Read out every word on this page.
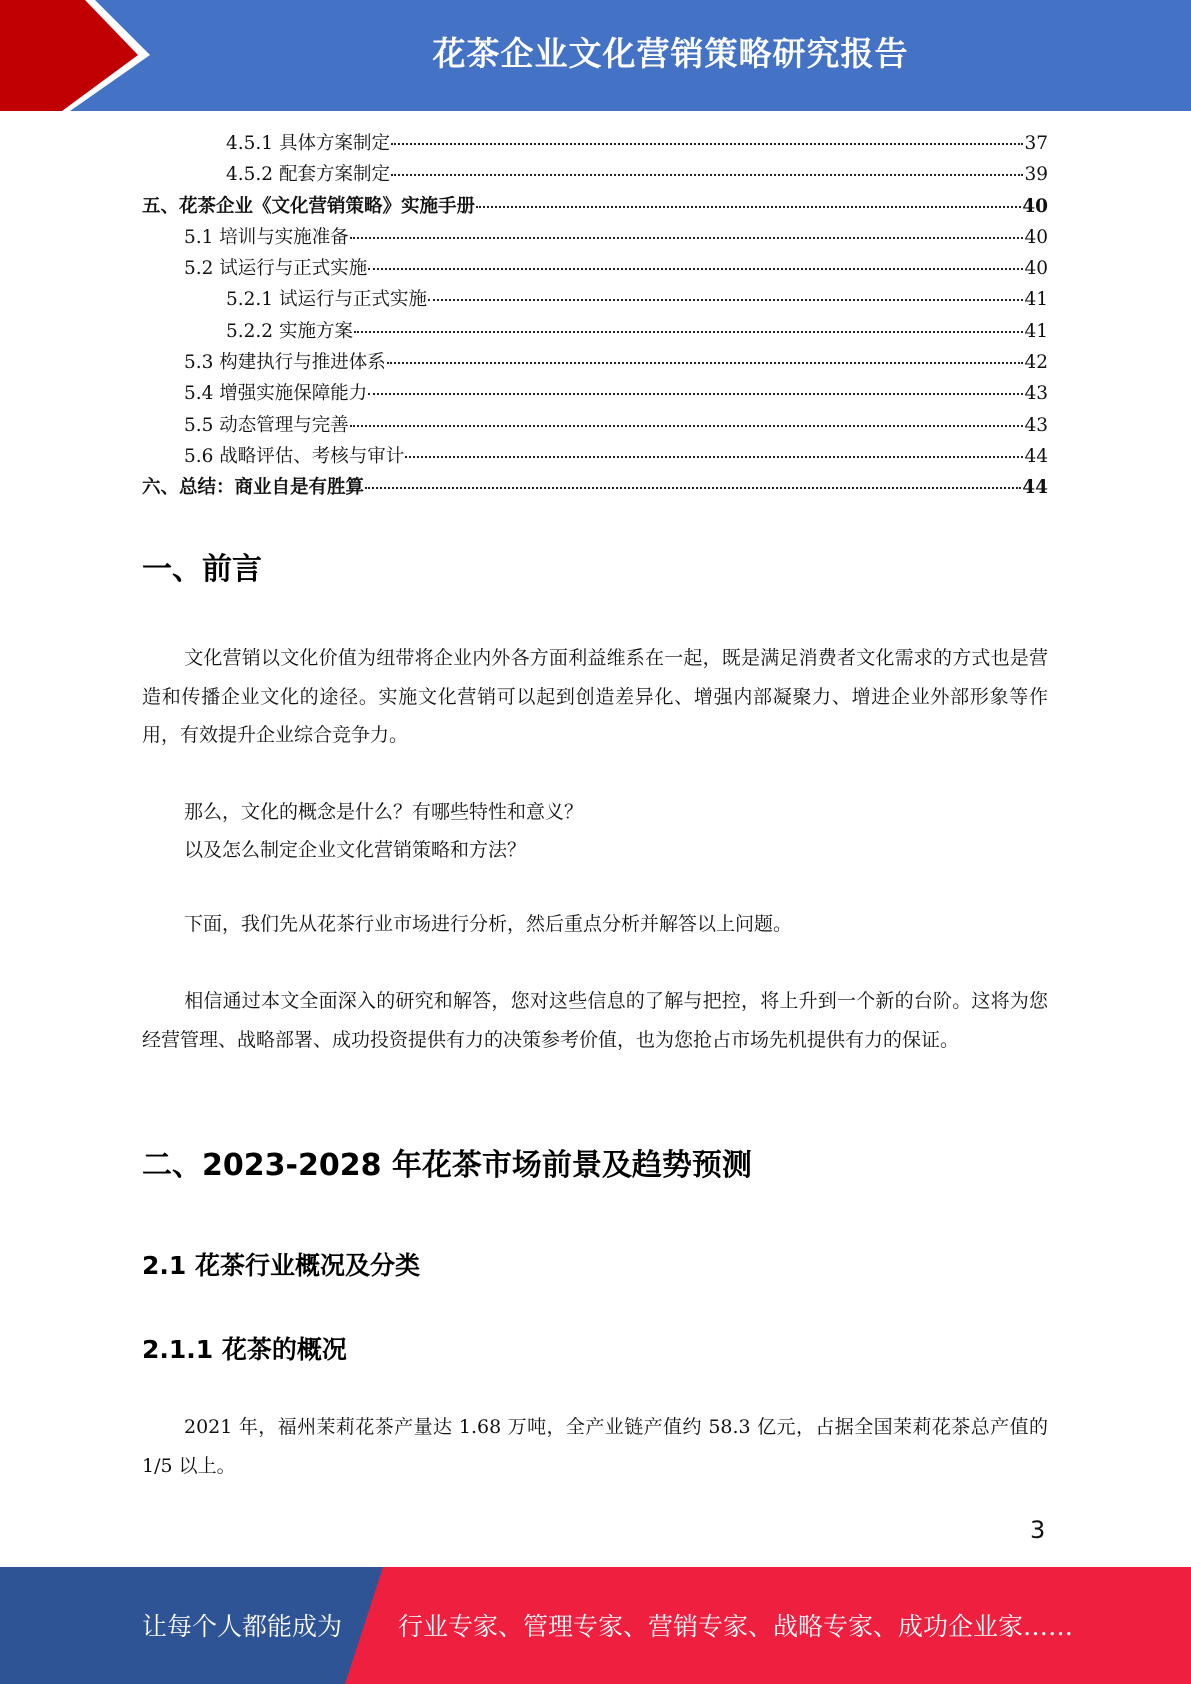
花茶企业文化营销策略研究报告
4.5.1 具体方案制定	37
4.5.2 配套方案制定	39
五、花茶企业《文化营销策略》实施手册	40
5.1 培训与实施准备	40
5.2 试运行与正式实施	40
5.2.1 试运行与正式实施	41
5.2.2 实施方案	41
5.3 构建执行与推进体系	42
5.4 增强实施保障能力	43
5.5 动态管理与完善	43
5.6 战略评估、考核与审计	44
六、总结：商业自是有胜算	44
一、前言
文化营销以文化价值为纽带将企业内外各方面利益维系在一起，既是满足消费者文化需求的方式也是营造和传播企业文化的途径。实施文化营销可以起到创造差异化、增强内部凝聚力、增进企业外部形象等作用，有效提升企业综合竞争力。
那么，文化的概念是什么？有哪些特性和意义？
以及怎么制定企业文化营销策略和方法？
下面，我们先从花茶行业市场进行分析，然后重点分析并解答以上问题。
相信通过本文全面深入的研究和解答，您对这些信息的了解与把控，将上升到一个新的台阶。这将为您经营管理、战略部署、成功投资提供有力的决策参考价值，也为您抢占市场先机提供有力的保证。
二、2023-2028 年花茶市场前景及趋势预测
2.1 花茶行业概况及分类
2.1.1 花茶的概况
2021 年，福州茉莉花茶产量达 1.68 万吨，全产业链产值约 58.3 亿元，占据全国茉莉花茶总产值的 1/5 以上。
3
让每个人都能成为 行业专家、管理专家、营销专家、战略专家、成功企业家……
